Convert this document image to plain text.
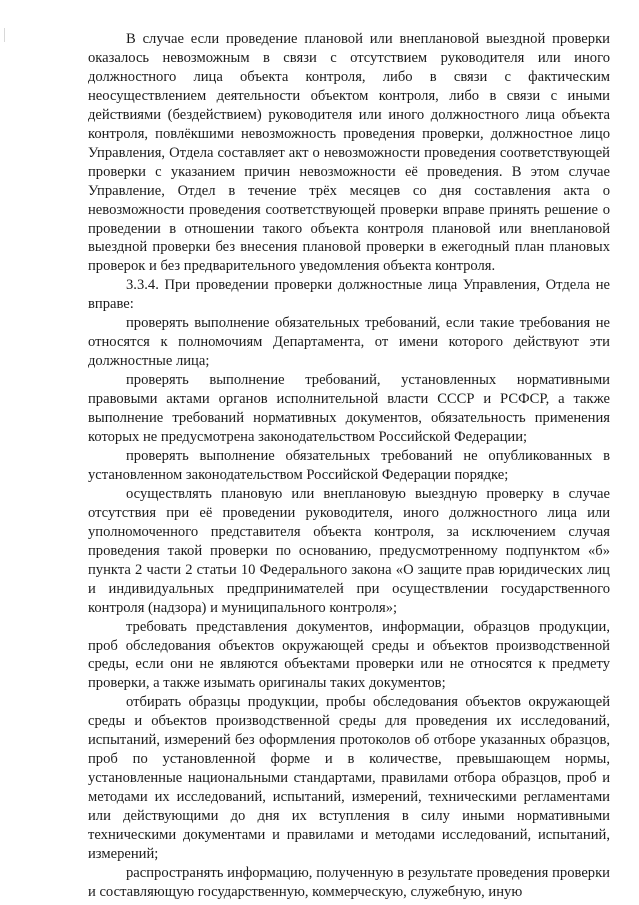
В случае если проведение плановой или внеплановой выездной проверки оказалось невозможным в связи с отсутствием руководителя или иного должностного лица объекта контроля, либо в связи с фактическим неосуществлением деятельности объектом контроля, либо в связи с иными действиями (бездействием) руководителя или иного должностного лица объекта контроля, повлёкшими невозможность проведения проверки, должностное лицо Управления, Отдела составляет акт о невозможности проведения соответствующей проверки с указанием причин невозможности её проведения. В этом случае Управление, Отдел в течение трёх месяцев со дня составления акта о невозможности проведения соответствующей проверки вправе принять решение о проведении в отношении такого объекта контроля плановой или внеплановой выездной проверки без внесения плановой проверки в ежегодный план плановых проверок и без предварительного уведомления объекта контроля.

3.3.4. При проведении проверки должностные лица Управления, Отдела не вправе:

проверять выполнение обязательных требований, если такие требования не относятся к полномочиям Департамента, от имени которого действуют эти должностные лица;

проверять выполнение требований, установленных нормативными правовыми актами органов исполнительной власти СССР и РСФСР, а также выполнение требований нормативных документов, обязательность применения которых не предусмотрена законодательством Российской Федерации;

проверять выполнение обязательных требований не опубликованных в установленном законодательством Российской Федерации порядке;

осуществлять плановую или внеплановую выездную проверку в случае отсутствия при её проведении руководителя, иного должностного лица или уполномоченного представителя объекта контроля, за исключением случая проведения такой проверки по основанию, предусмотренному подпунктом «б» пункта 2 части 2 статьи 10 Федерального закона «О защите прав юридических лиц и индивидуальных предпринимателей при осуществлении государственного контроля (надзора) и муниципального контроля»;

требовать представления документов, информации, образцов продукции, проб обследования объектов окружающей среды и объектов производственной среды, если они не являются объектами проверки или не относятся к предмету проверки, а также изымать оригиналы таких документов;

отбирать образцы продукции, пробы обследования объектов окружающей среды и объектов производственной среды для проведения их исследований, испытаний, измерений без оформления протоколов об отборе указанных образцов, проб по установленной форме и в количестве, превышающем нормы, установленные национальными стандартами, правилами отбора образцов, проб и методами их исследований, испытаний, измерений, техническими регламентами или действующими до дня их вступления в силу иными нормативными техническими документами и правилами и методами исследований, испытаний, измерений;

распространять информацию, полученную в результате проведения проверки и составляющую государственную, коммерческую, служебную, иную
